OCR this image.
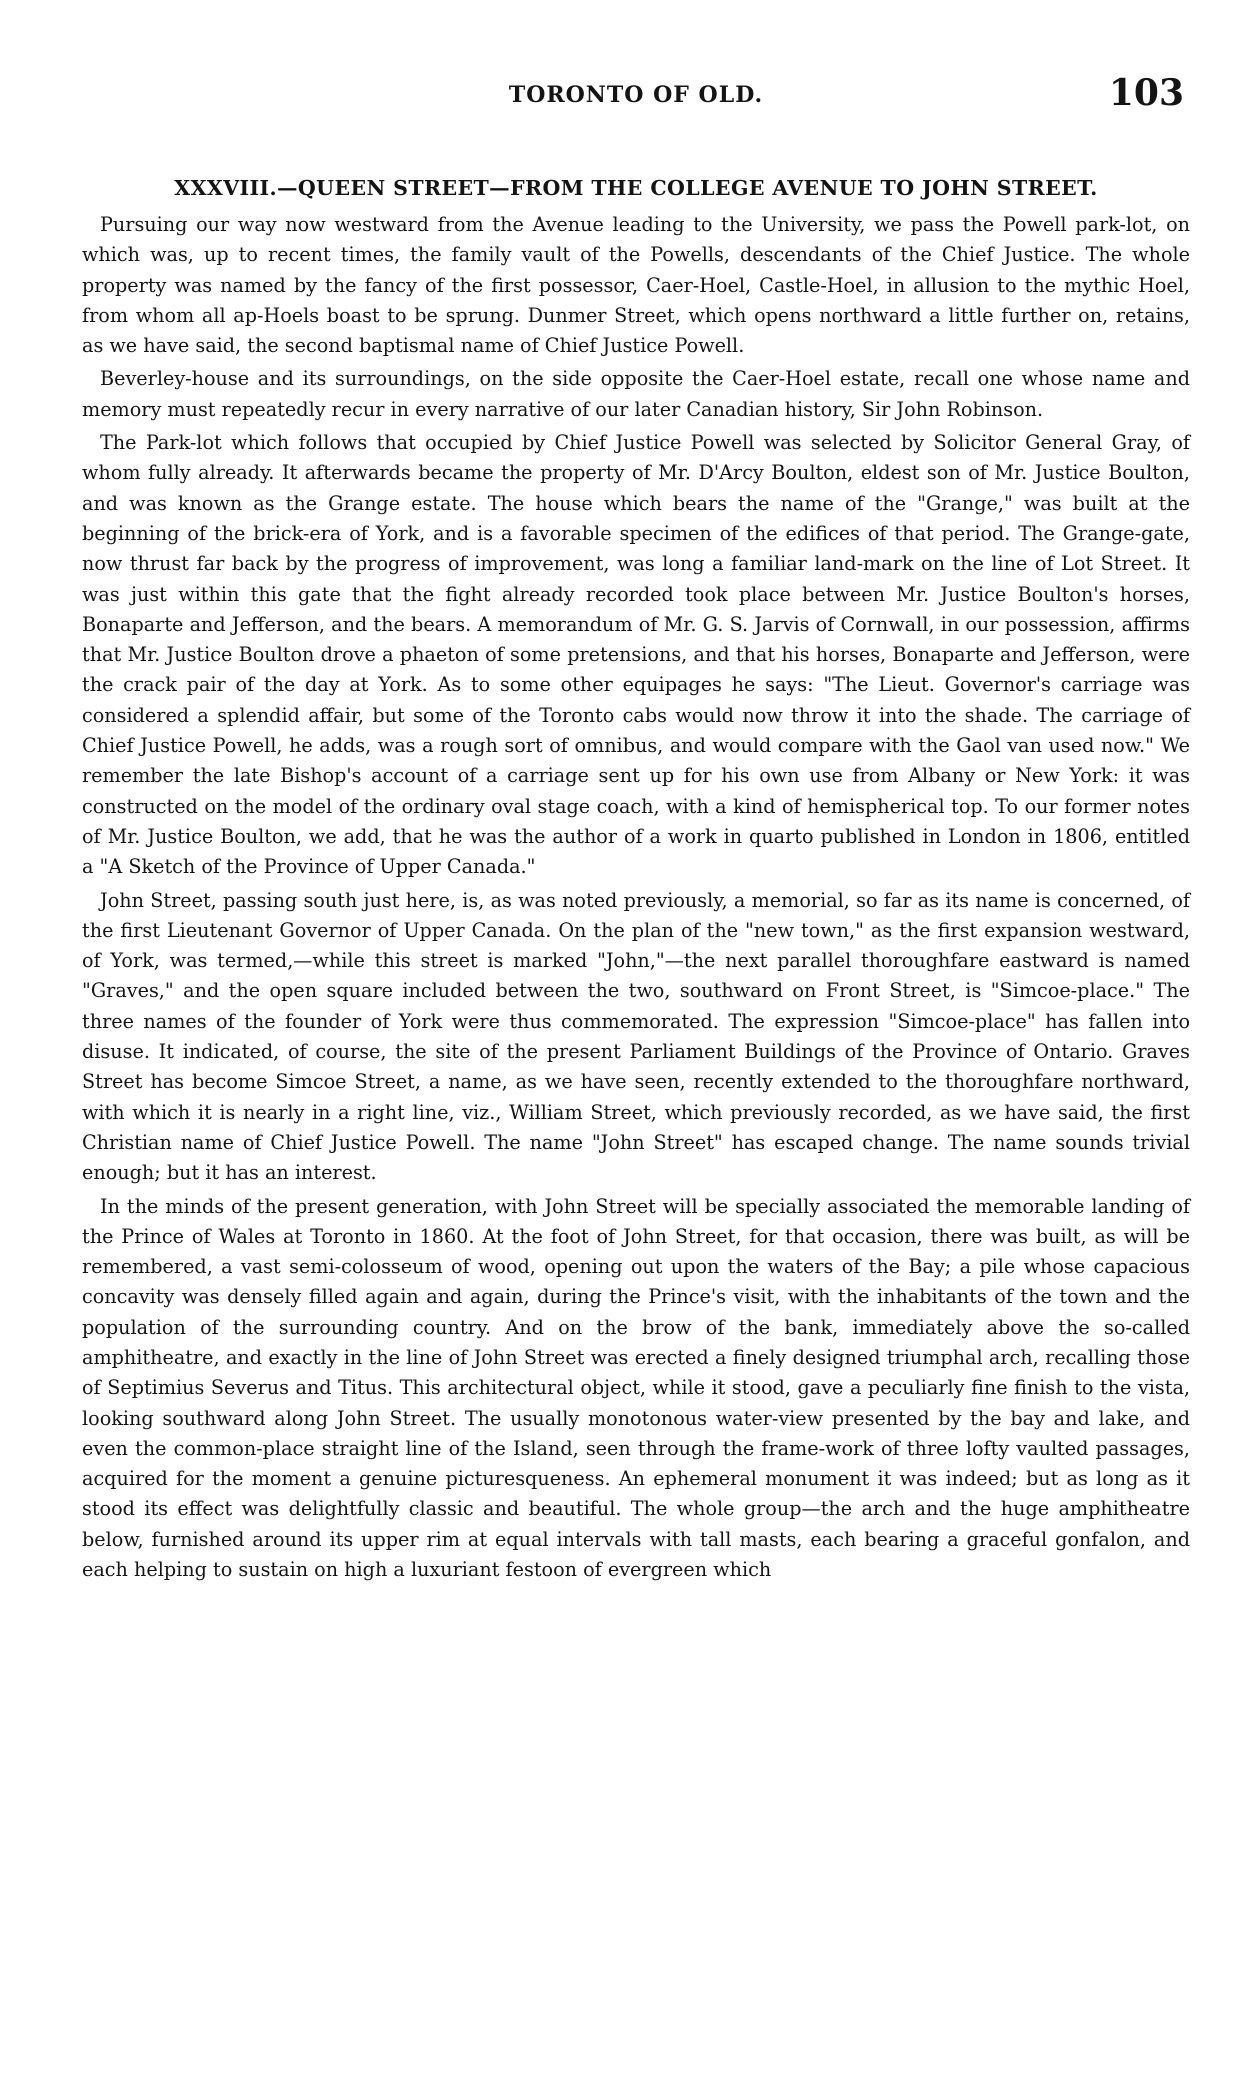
TORONTO OF OLD.	103
XXXVIII.—QUEEN STREET—FROM THE COLLEGE AVENUE TO JOHN STREET.

Pursuing our way now westward from the Avenue leading to the University, we pass the Powell park-lot, on which was, up to recent times, the family vault of the Powells, descendants of the Chief Justice. The whole property was named by the fancy of the first possessor, Caer-Hoel, Castle-Hoel, in allusion to the mythic Hoel, from whom all ap-Hoels boast to be sprung. Dunmer Street, which opens northward a little further on, retains, as we have said, the second baptismal name of Chief Justice Powell.

Beverley-house and its surroundings, on the side opposite the Caer-Hoel estate, recall one whose name and memory must repeatedly recur in every narrative of our later Canadian history, Sir John Robinson.

The Park-lot which follows that occupied by Chief Justice Powell was selected by Solicitor General Gray, of whom fully already. It afterwards became the property of Mr. D'Arcy Boulton, eldest son of Mr. Justice Boulton, and was known as the Grange estate. The house which bears the name of the "Grange," was built at the beginning of the brick-era of York, and is a favorable specimen of the edifices of that period. The Grange-gate, now thrust far back by the progress of improvement, was long a familiar land-mark on the line of Lot Street. It was just within this gate that the fight already recorded took place between Mr. Justice Boulton's horses, Bonaparte and Jefferson, and the bears. A memorandum of Mr. G. S. Jarvis of Cornwall, in our possession, affirms that Mr. Justice Boulton drove a phaeton of some pretensions, and that his horses, Bonaparte and Jefferson, were the crack pair of the day at York. As to some other equipages he says: "The Lieut. Governor's carriage was considered a splendid affair, but some of the Toronto cabs would now throw it into the shade. The carriage of Chief Justice Powell, he adds, was a rough sort of omnibus, and would compare with the Gaol van used now." We remember the late Bishop's account of a carriage sent up for his own use from Albany or New York: it was constructed on the model of the ordinary oval stage coach, with a kind of hemispherical top. To our former notes of Mr. Justice Boulton, we add, that he was the author of a work in quarto published in London in 1806, entitled a "A Sketch of the Province of Upper Canada."

John Street, passing south just here, is, as was noted previously, a memorial, so far as its name is concerned, of the first Lieutenant Governor of Upper Canada. On the plan of the "new town," as the first expansion westward, of York, was termed,—while this street is marked "John,"—the next parallel thoroughfare eastward is named "Graves," and the open square included between the two, southward on Front Street, is "Simcoe-place." The three names of the founder of York were thus commemorated. The expression "Simcoe-place" has fallen into disuse. It indicated, of course, the site of the present Parliament Buildings of the Province of Ontario. Graves Street has become Simcoe Street, a name, as we have seen, recently extended to the thoroughfare northward, with which it is nearly in a right line, viz., William Street, which previously recorded, as we have said, the first Christian name of Chief Justice Powell. The name "John Street" has escaped change. The name sounds trivial enough; but it has an interest.

In the minds of the present generation, with John Street will be specially associated the memorable landing of the Prince of Wales at Toronto in 1860. At the foot of John Street, for that occasion, there was built, as will be remembered, a vast semi-colosseum of wood, opening out upon the waters of the Bay; a pile whose capacious concavity was densely filled again and again, during the Prince's visit, with the inhabitants of the town and the population of the surrounding country. And on the brow of the bank, immediately above the so-called amphitheatre, and exactly in the line of John Street was erected a finely designed triumphal arch, recalling those of Septimius Severus and Titus. This architectural object, while it stood, gave a peculiarly fine finish to the vista, looking southward along John Street. The usually monotonous water-view presented by the bay and lake, and even the common-place straight line of the Island, seen through the frame-work of three lofty vaulted passages, acquired for the moment a genuine picturesqueness. An ephemeral monument it was indeed; but as long as it stood its effect was delightfully classic and beautiful. The whole group—the arch and the huge amphitheatre below, furnished around its upper rim at equal intervals with tall masts, each bearing a graceful gonfalon, and each helping to sustain on high a luxuriant festoon of evergreen which
